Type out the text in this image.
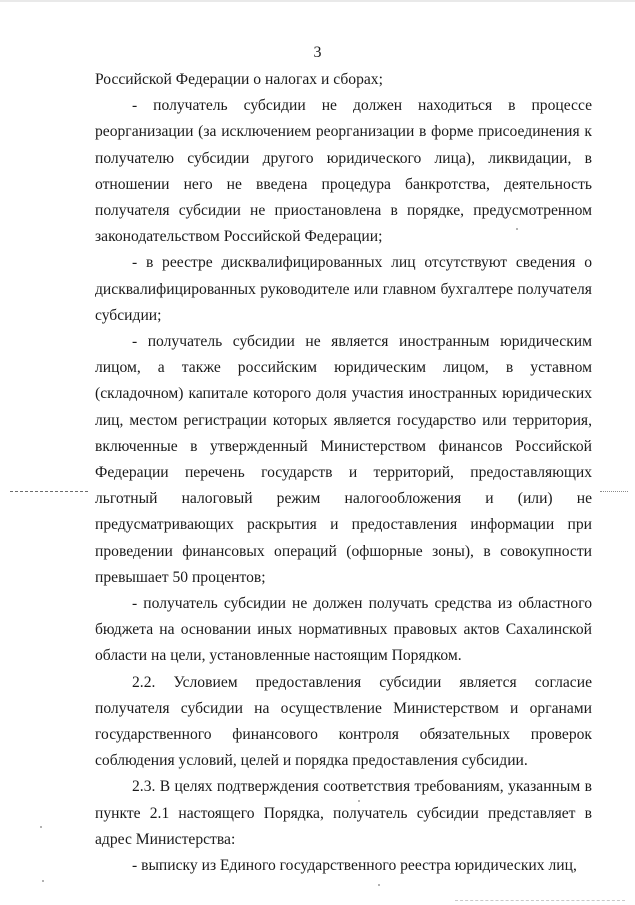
3

Российской Федерации о налогах и сборах;

- получатель субсидии не должен находиться в процессе реорганизации (за исключением реорганизации в форме присоединения к получателю субсидии другого юридического лица), ликвидации, в отношении него не введена процедура банкротства, деятельность получателя субсидии не приостановлена в порядке, предусмотренном законодательством Российской Федерации;

- в реестре дисквалифицированных лиц отсутствуют сведения о дисквалифицированных руководителе или главном бухгалтере получателя субсидии;

- получатель субсидии не является иностранным юридическим лицом, а также российским юридическим лицом, в уставном (складочном) капитале которого доля участия иностранных юридических лиц, местом регистрации которых является государство или территория, включенные в утвержденный Министерством финансов Российской Федерации перечень государств и территорий, предоставляющих льготный налоговый режим налогообложения и (или) не предусматривающих раскрытия и предоставления информации при проведении финансовых операций (офшорные зоны), в совокупности превышает 50 процентов;

- получатель субсидии не должен получать средства из областного бюджета на основании иных нормативных правовых актов Сахалинской области на цели, установленные настоящим Порядком.

2.2. Условием предоставления субсидии является согласие получателя субсидии на осуществление Министерством и органами государственного финансового контроля обязательных проверок соблюдения условий, целей и порядка предоставления субсидии.

2.3. В целях подтверждения соответствия требованиям, указанным в пункте 2.1 настоящего Порядка, получатель субсидии представляет в адрес Министерства:

- выписку из Единого государственного реестра юридических лиц,
